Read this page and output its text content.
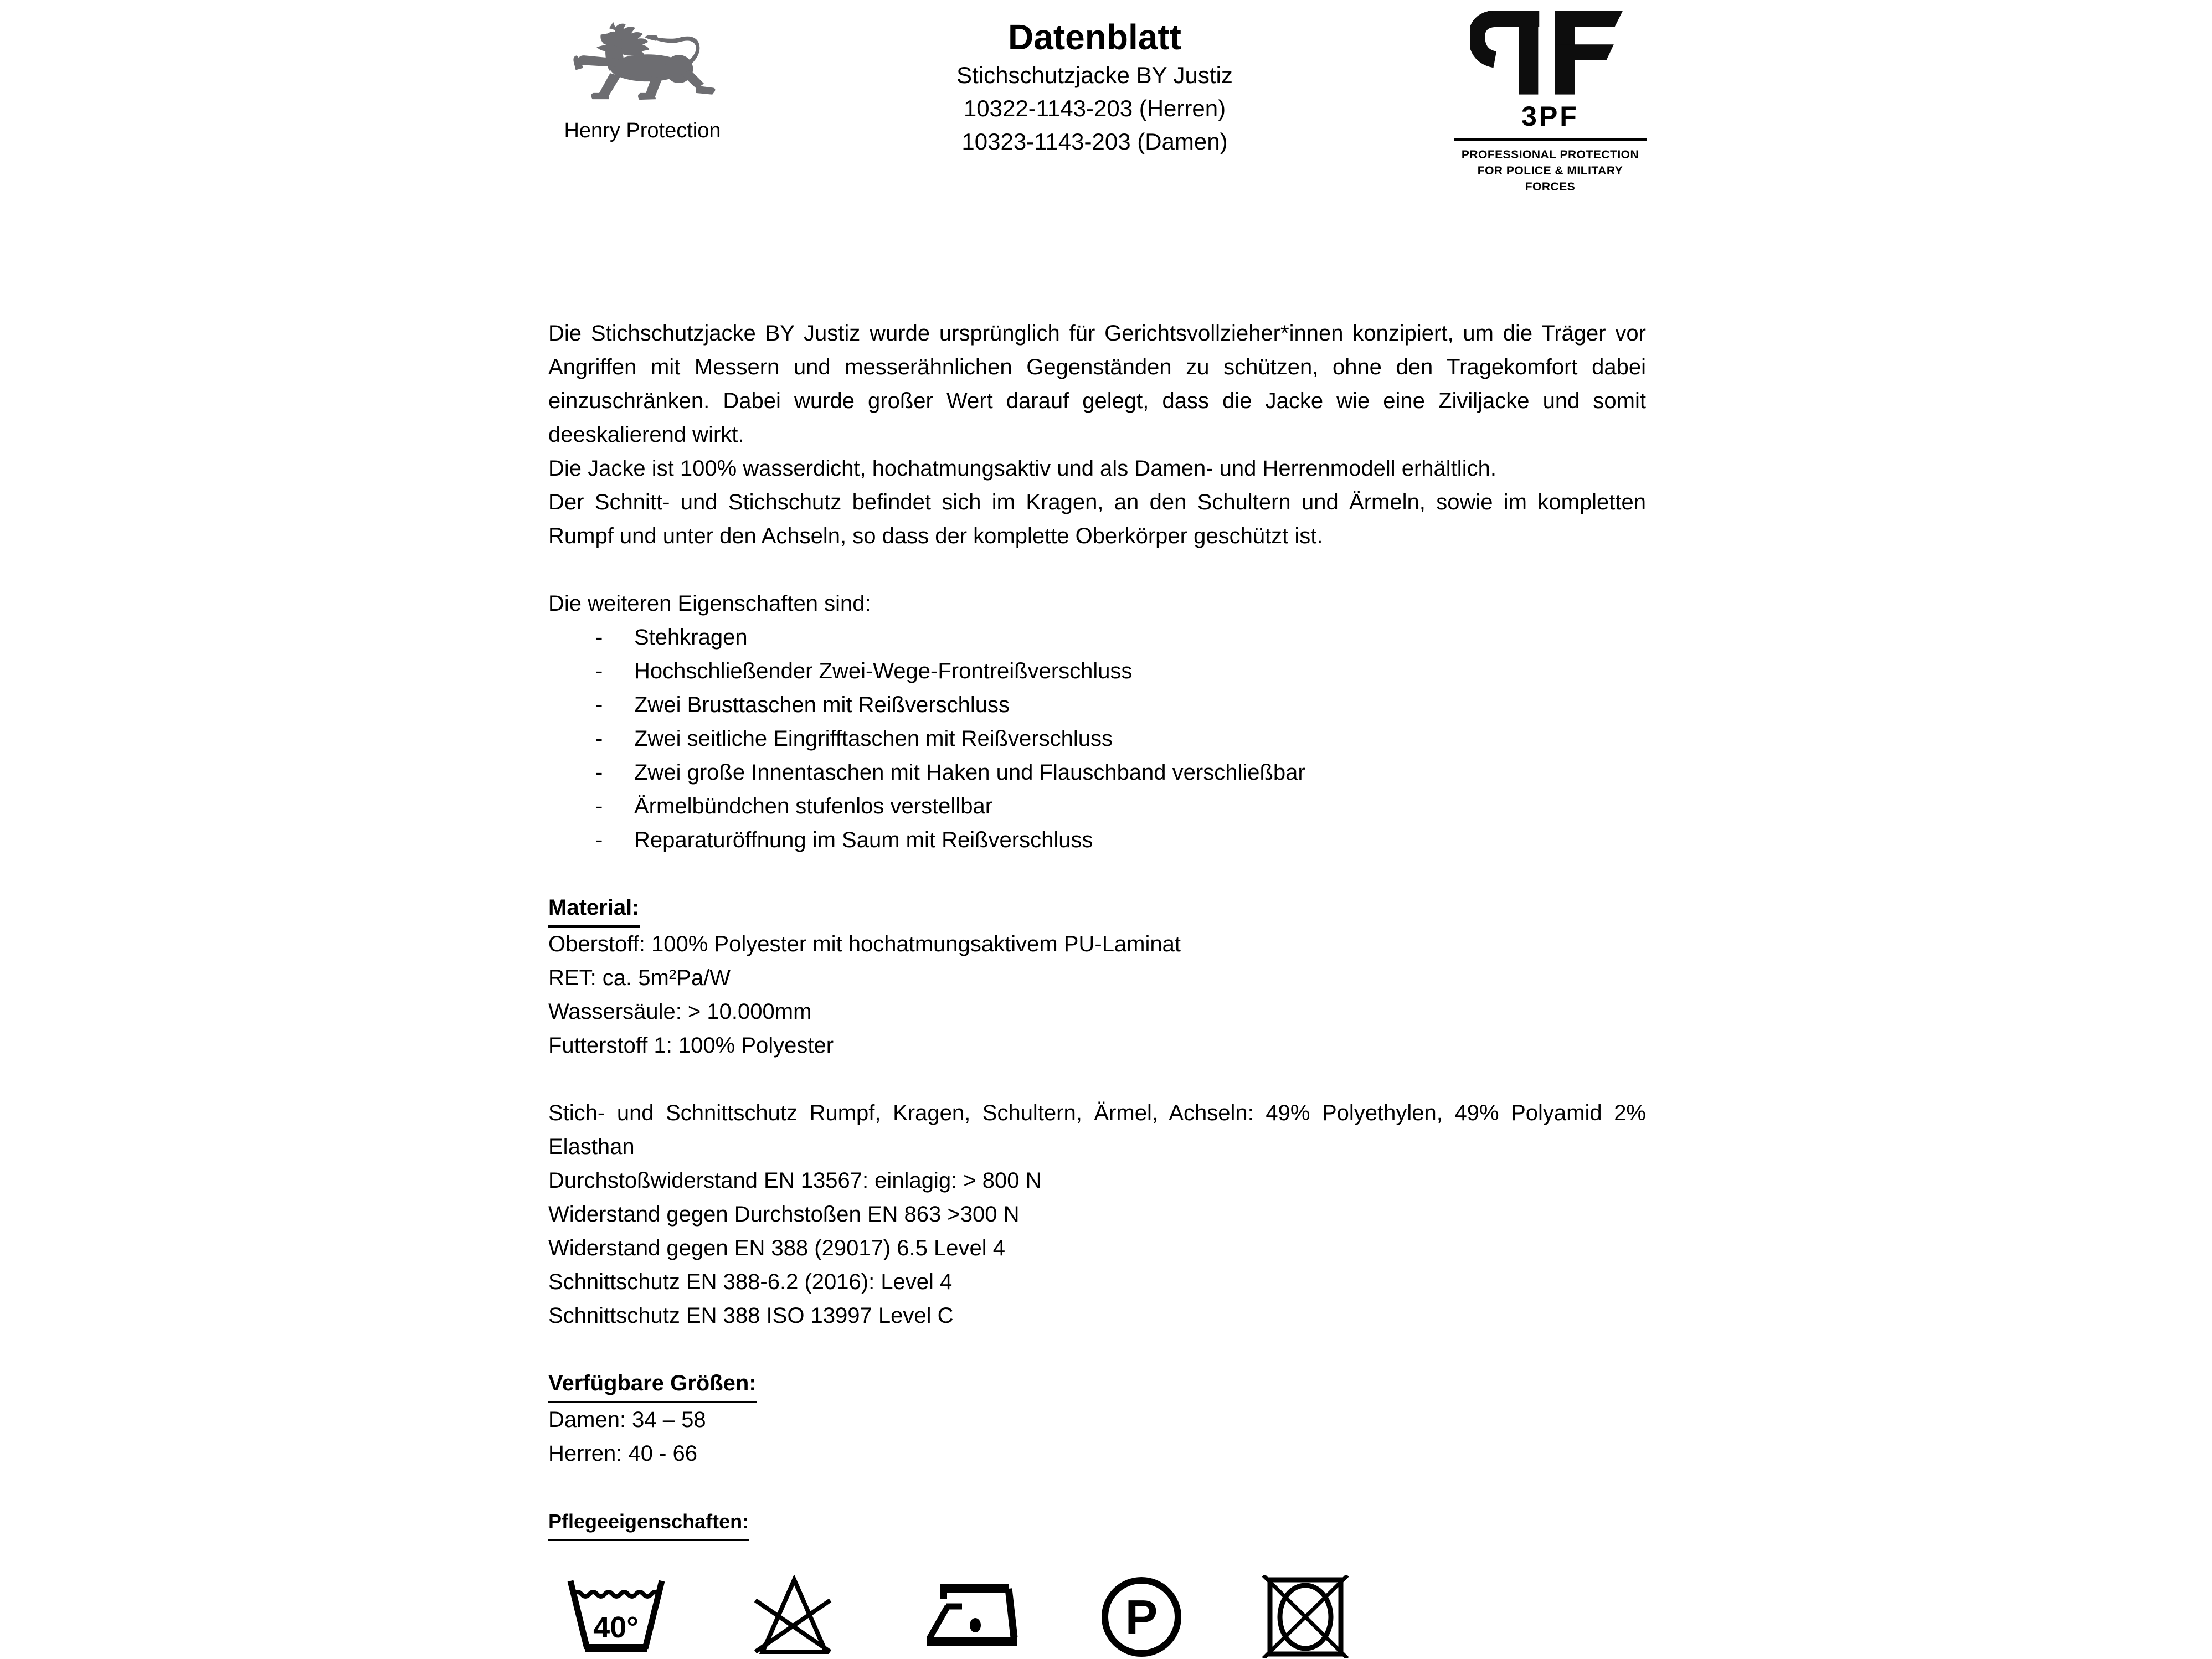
Henry Protection
Datenblatt
Stichschutzjacke BY Justiz
10322-1143-203 (Herren)
10323-1143-203 (Damen)
3PF
PROFESSIONAL PROTECTION
FOR POLICE & MILITARY FORCES

Die Stichschutzjacke BY Justiz wurde ursprünglich für Gerichtsvollzieher*innen konzipiert, um die Träger vor Angriffen mit Messern und messerähnlichen Gegenständen zu schützen, ohne den Tragekomfort dabei einzuschränken. Dabei wurde großer Wert darauf gelegt, dass die Jacke wie eine Ziviljacke und somit deeskalierend wirkt.

Die Jacke ist 100% wasserdicht, hochatmungsaktiv und als Damen- und Herrenmodell erhältlich.

Der Schnitt- und Stichschutz befindet sich im Kragen, an den Schultern und Ärmeln, sowie im kompletten Rumpf und unter den Achseln, so dass der komplette Oberkörper geschützt ist.

Die weiteren Eigenschaften sind:
-	Stehkragen
-	Hochschließender Zwei-Wege-Frontreißverschluss
-	Zwei Brusttaschen mit Reißverschluss
-	Zwei seitliche Eingrifftaschen mit Reißverschluss
-	Zwei große Innentaschen mit Haken und Flauschband verschließbar
-	Ärmelbündchen stufenlos verstellbar
-	Reparaturöffnung im Saum mit Reißverschluss
Material:
Oberstoff: 100% Polyester mit hochatmungsaktivem PU-Laminat
RET: ca. 5m²Pa/W
Wassersäule: > 10.000mm
Futterstoff 1: 100% Polyester

Stich- und Schnittschutz Rumpf, Kragen, Schultern, Ärmel, Achseln: 49% Polyethylen, 49% Polyamid 2% Elasthan

Durchstoßwiderstand EN 13567: einlagig: > 800 N
Widerstand gegen Durchstoßen EN 863 >300 N
Widerstand gegen EN 388 (29017) 6.5 Level 4
Schnittschutz EN 388-6.2 (2016): Level 4
Schnittschutz EN 388 ISO 13997 Level C
Verfügbare Größen:
Damen: 34 – 58
Herren: 40 - 66
Pflegeeigenschaften:
40°	P
